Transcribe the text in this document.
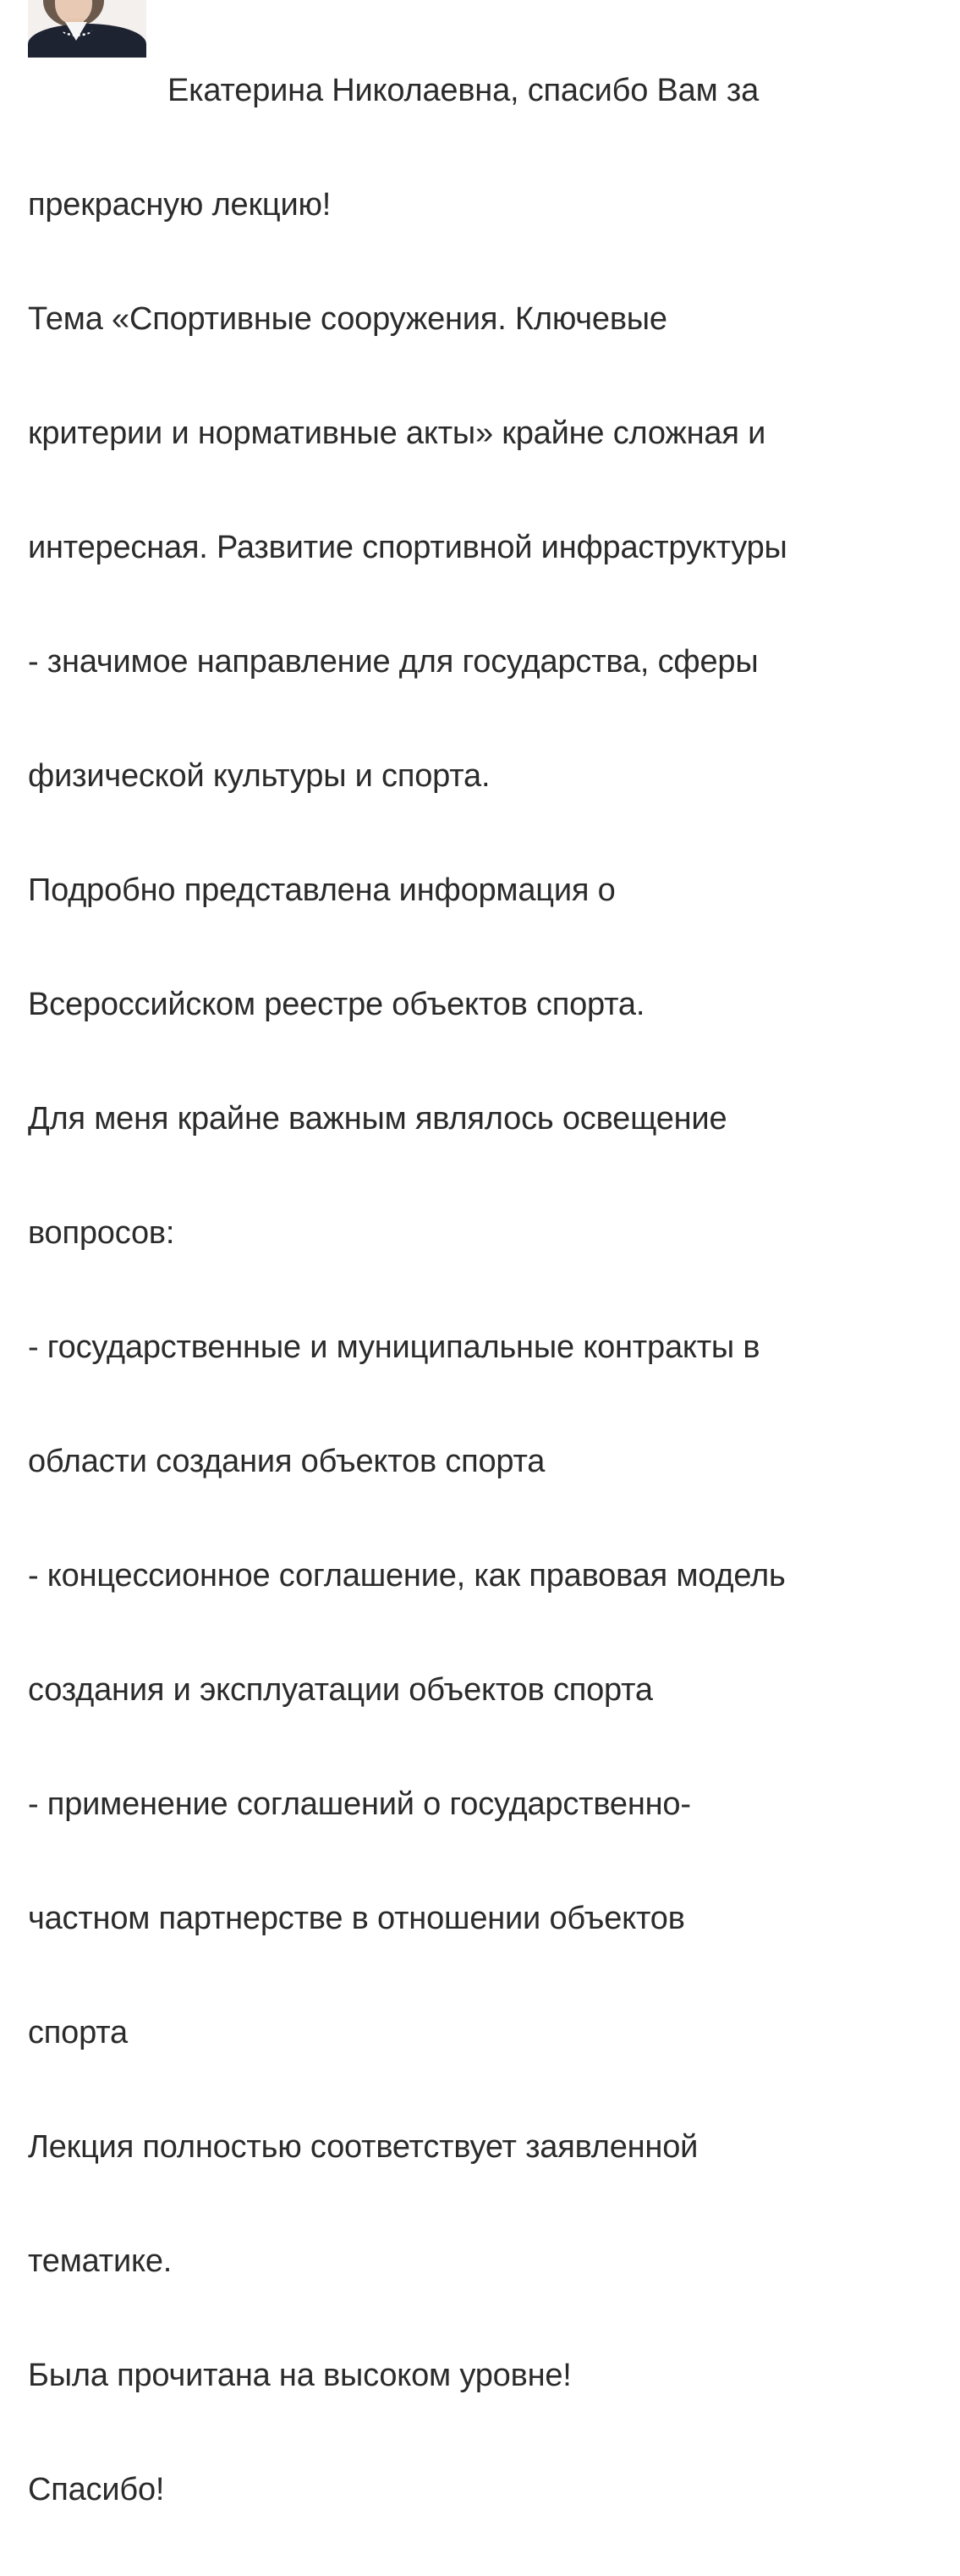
Екатерина Николаевна, спасибо Вам за

прекрасную лекцию!

Тема «Спортивные сооружения. Ключевые

критерии и нормативные акты» крайне сложная и

интересная. Развитие спортивной инфраструктуры

- значимое направление для государства, сферы

физической культуры и спорта.

Подробно представлена информация о

Всероссийском реестре объектов спорта.

Для меня крайне важным являлось освещение

вопросов:

- государственные и муниципальные контракты в

области создания объектов спорта

- концессионное соглашение, как правовая модель

создания и эксплуатации объектов спорта

- применение соглашений о государственно-

частном партнерстве в отношении объектов

спорта

Лекция полностью соответствует заявленной

тематике.

Была прочитана на высоком уровне!

Спасибо!
